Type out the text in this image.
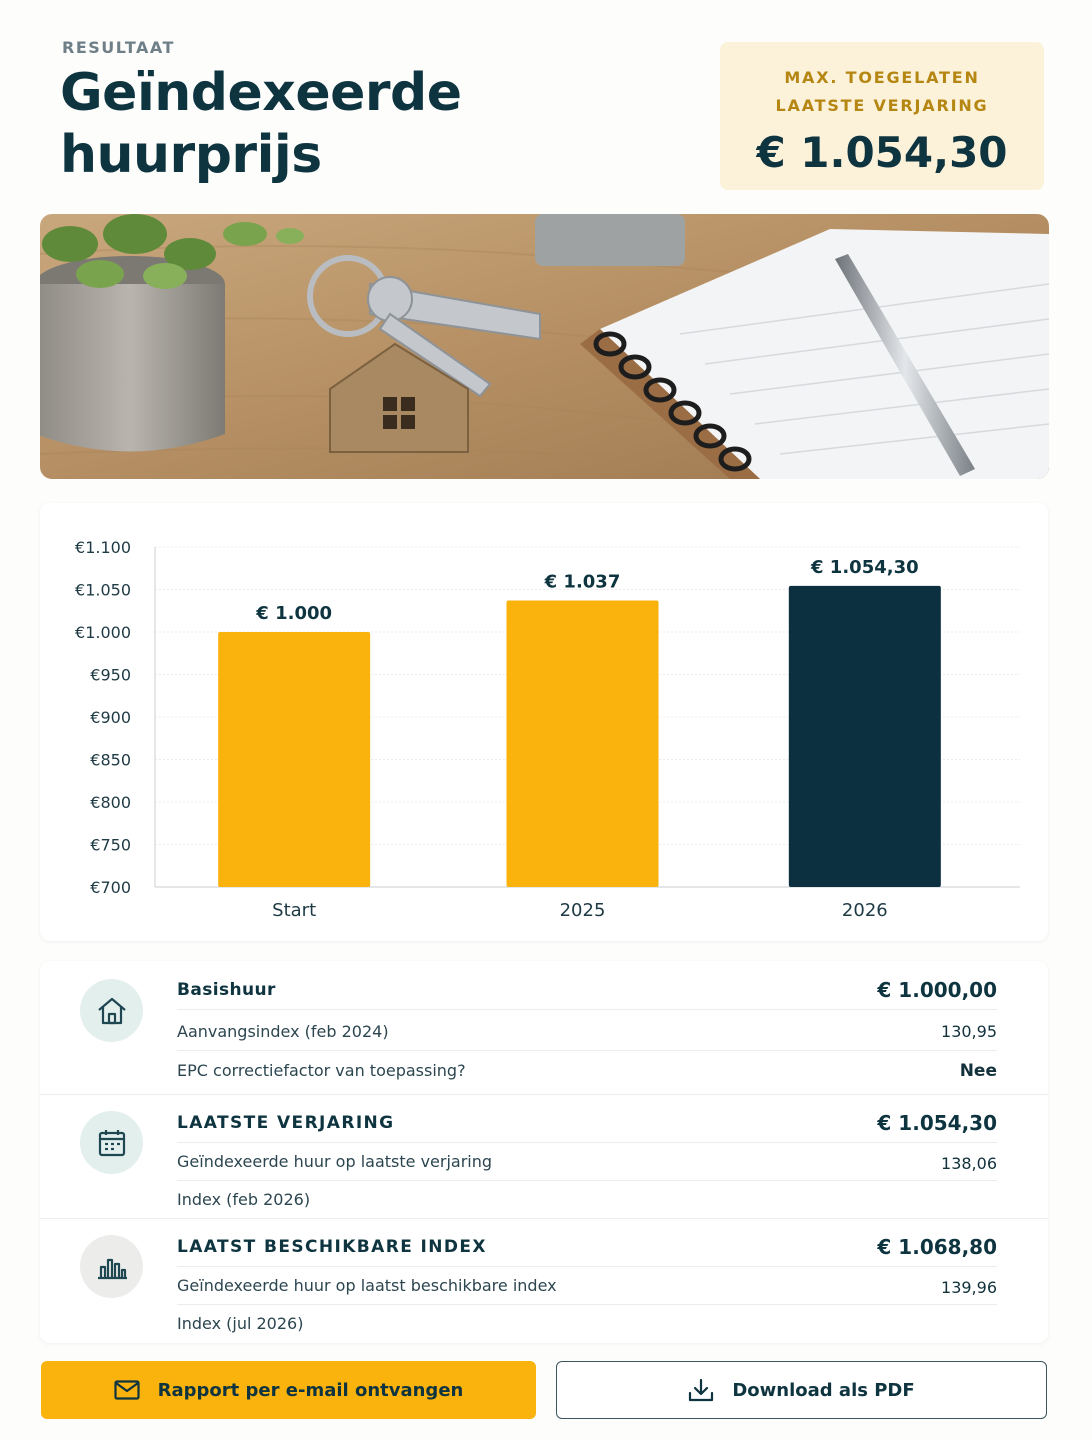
RESULTAAT
Geïndexeerde huurprijs
MAX. TOEGELATEN
LAATSTE VERJARING
€ 1.054,30
€1.100
€1.050
€1.000
€950
€900
€850
€800
€750
€700
Start	2025	2026
€ 1.000
€ 1.037
€ 1.054,30
Basishuur	€ 1.000,00
Aanvangsindex (feb 2024)	130,95
EPC correctiefactor van toepassing?	Nee
LAATSTE VERJARING	€ 1.054,30
Geïndexeerde huur op laatste verjaring	138,06
Index (feb 2026)
LAATST BESCHIKBARE INDEX	€ 1.068,80
Geïndexeerde huur op laatst beschikbare index	139,96
Index (jul 2026)
Rapport per e-mail ontvangen	Download als PDF
